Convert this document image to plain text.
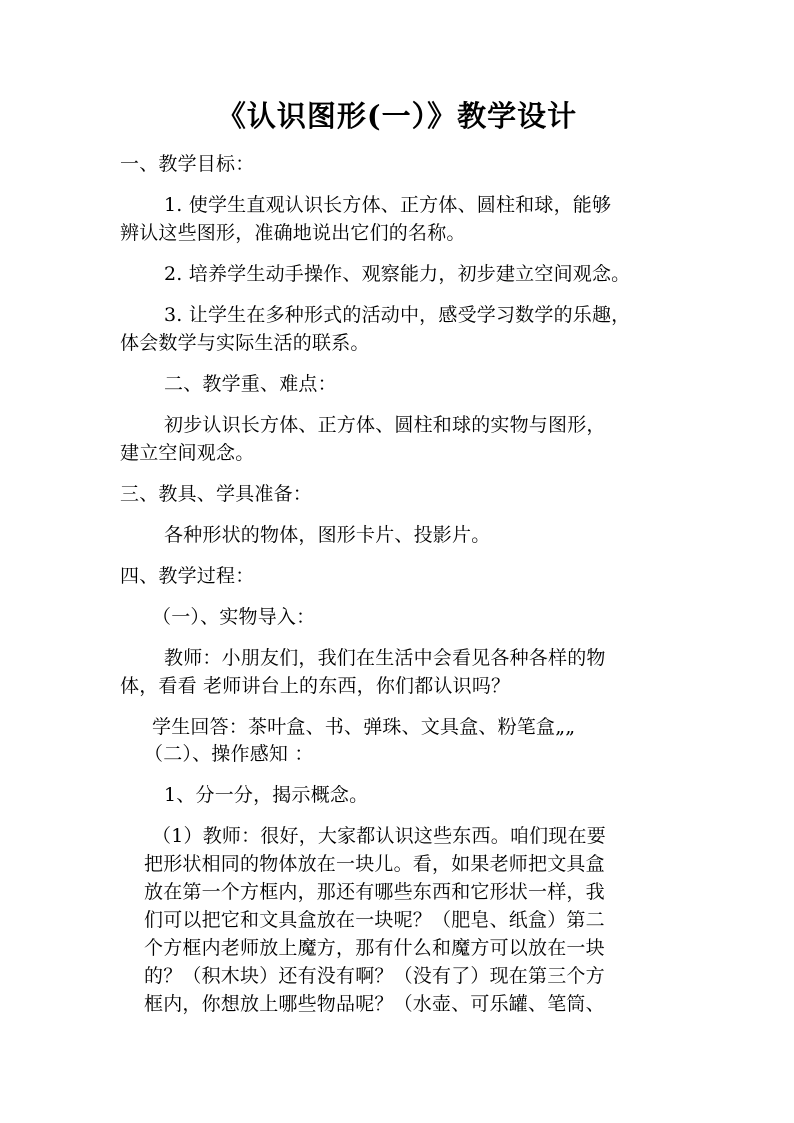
《认识图形(一）》教学设计
一、教学目标：
1. 使学生直观认识长方体、正方体、圆柱和球，能够
辨认这些图形，准确地说出它们的名称。
2. 培养学生动手操作、观察能力，初步建立空间观念。
3. 让学生在多种形式的活动中，感受学习数学的乐趣，
体会数学与实际生活的联系。
二、教学重、难点：
初步认识长方体、正方体、圆柱和球的实物与图形，
建立空间观念。
三、教具、学具准备：
各种形状的物体，图形卡片、投影片。
四、教学过程：
（一）、实物导入：
教师：小朋友们，我们在生活中会看见各种各样的物
体，看看 老师讲台上的东西，你们都认识吗？
学生回答：茶叶盒、书、弹珠、文具盒、粉笔盒„„
（二）、操作感知 ：
1、分一分，揭示概念。
（1）教师：很好，大家都认识这些东西。咱们现在要
把形状相同的物体放在一块儿。看，如果老师把文具盒
放在第一个方框内，那还有哪些东西和它形状一样，我
们可以把它和文具盒放在一块呢？（肥皂、纸盒）第二
个方框内老师放上魔方，那有什么和魔方可以放在一块
的？（积木块）还有没有啊？（没有了）现在第三个方
框内，你想放上哪些物品呢？（水壶、可乐罐、笔筒、
